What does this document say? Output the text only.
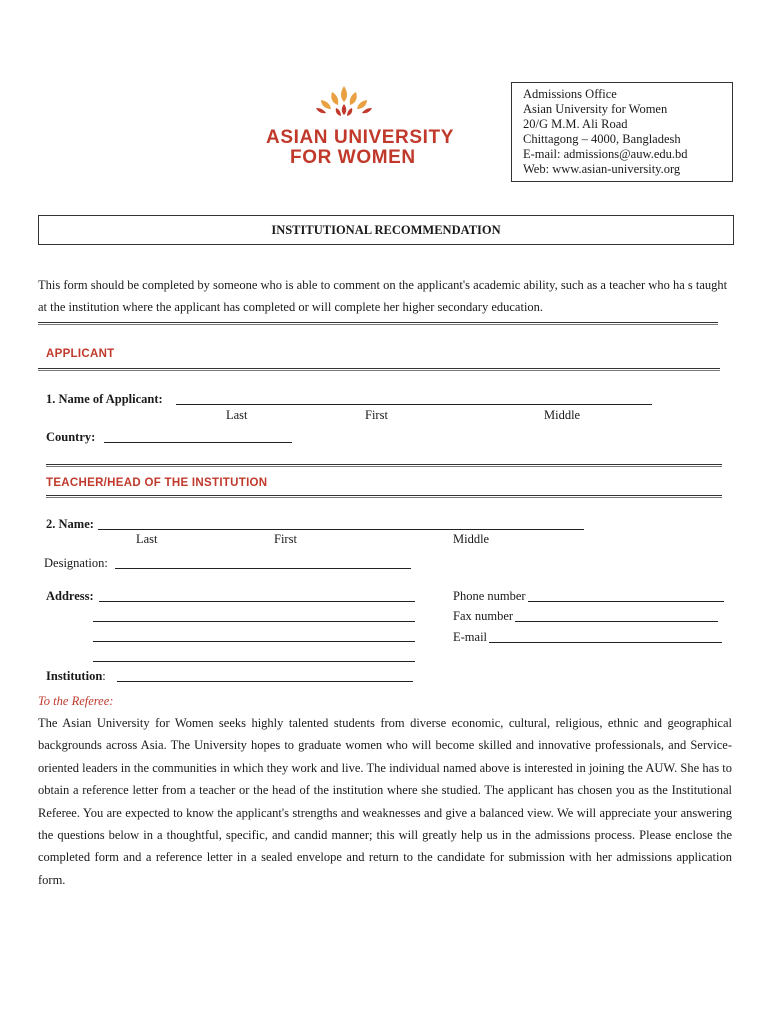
ASIAN UNIVERSITY
FOR WOMEN
Admissions Office
Asian University for Women
20/G M.M. Ali Road
Chittagong – 4000, Bangladesh
E-mail: admissions@auw.edu.bd
Web: www.asian-university.org
INSTITUTIONAL RECOMMENDATION
This form should be completed by someone who is able to comment on the applicant's academic ability, such as a teacher who ha s taught at the institution where the applicant has completed or will complete her higher secondary education.
APPLICANT
1. Name of Applicant:
Last	First	Middle
Country:
TEACHER/HEAD OF THE INSTITUTION
2. Name:
Last	First	Middle
Designation:
Address:	Phone number
Fax number
E-mail
Institution:
To the Referee:
The Asian University for Women seeks highly talented students from diverse economic, cultural, religious, ethnic and geographical backgrounds across Asia. The University hopes to graduate women who will become skilled and innovative professionals, and Service-oriented leaders in the communities in which they work and live. The individual named above is interested in joining the AUW. She has to obtain a reference letter from a teacher or the head of the institution where she studied. The applicant has chosen you as the Institutional Referee. You are expected to know the applicant's strengths and weaknesses and give a balanced view. We will appreciate your answering the questions below in a thoughtful, specific, and candid manner; this will greatly help us in the admissions process. Please enclose the completed form and a reference letter in a sealed envelope and return to the candidate for submission with her admissions application form.
